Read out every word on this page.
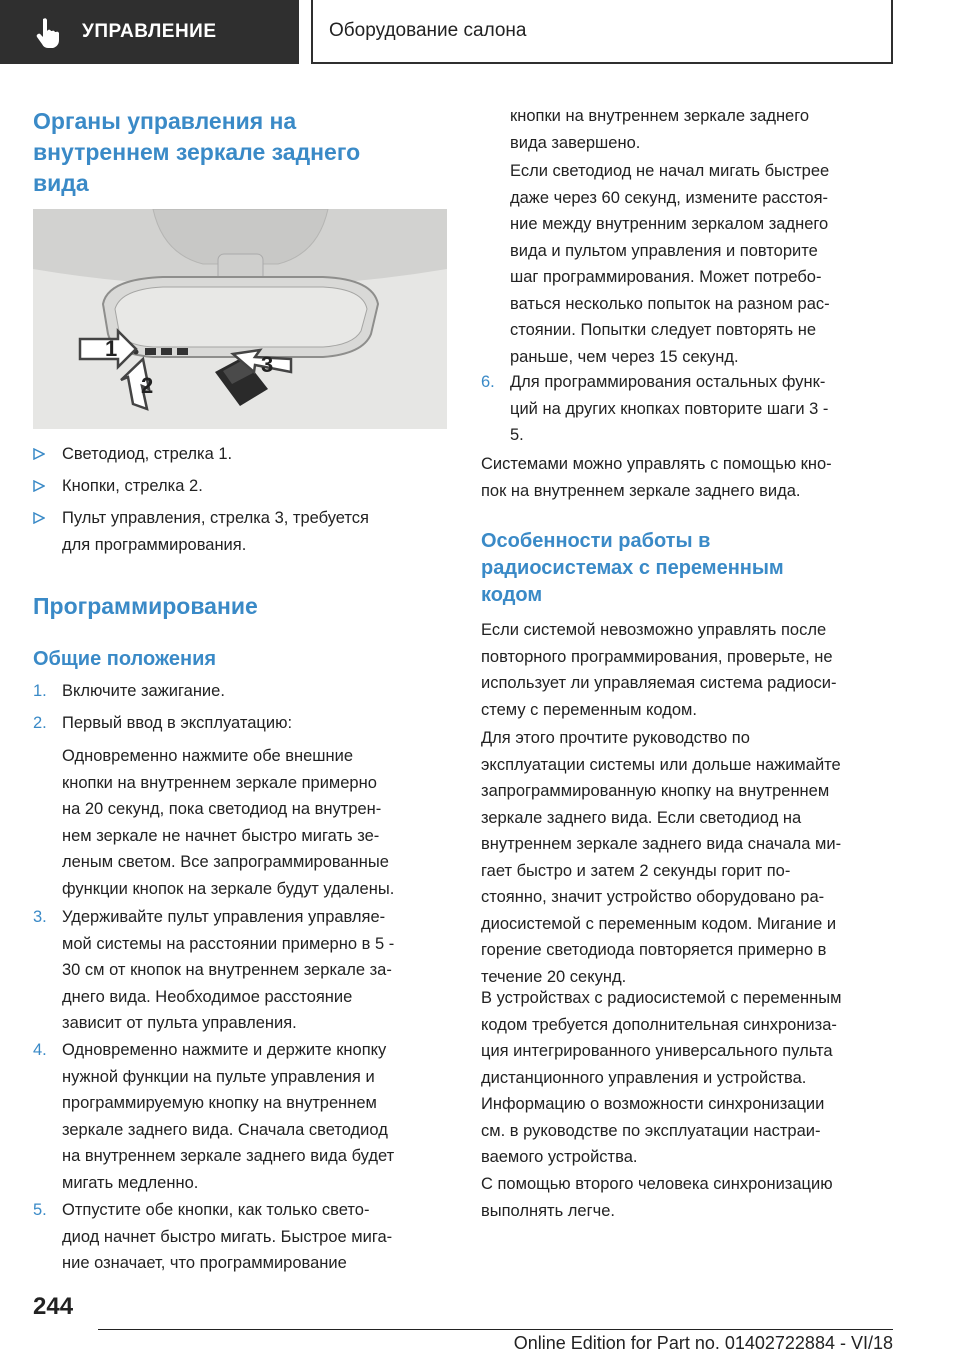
УПРАВЛЕНИЕ	Оборудование салона
Органы управления на
внутреннем зеркале заднего
вида
1
2
3
Светодиод, стрелка 1.
Кнопки, стрелка 2.
Пульт управления, стрелка 3, требуется
для программирования.
Программирование
Общие положения
1. Включите зажигание.
2. Первый ввод в эксплуатацию:
Одновременно нажмите обе внешние
кнопки на внутреннем зеркале примерно
на 20 секунд, пока светодиод на внутрен-
нем зеркале не начнет быстро мигать зе-
леным светом. Все запрограммированные
функции кнопок на зеркале будут удалены.
3. Удерживайте пульт управления управляе-
мой системы на расстоянии примерно в 5 -
30 см от кнопок на внутреннем зеркале за-
днего вида. Необходимое расстояние
зависит от пульта управления.
4. Одновременно нажмите и держите кнопку
нужной функции на пульте управления и
программируемую кнопку на внутреннем
зеркале заднего вида. Сначала светодиод
на внутреннем зеркале заднего вида будет
мигать медленно.
5. Отпустите обе кнопки, как только свето-
диод начнет быстро мигать. Быстрое мига-
ние означает, что программирование
кнопки на внутреннем зеркале заднего
вида завершено.
Если светодиод не начал мигать быстрее
даже через 60 секунд, измените расстоя-
ние между внутренним зеркалом заднего
вида и пультом управления и повторите
шаг программирования. Может потребо-
ваться несколько попыток на разном рас-
стоянии. Попытки следует повторять не
раньше, чем через 15 секунд.
6. Для программирования остальных функ-
ций на других кнопках повторите шаги 3 -
5.
Системами можно управлять с помощью кно-
пок на внутреннем зеркале заднего вида.
Особенности работы в
радиосистемах с переменным
кодом
Если системой невозможно управлять после
повторного программирования, проверьте, не
использует ли управляемая система радиоси-
стему с переменным кодом.
Для этого прочтите руководство по
эксплуатации системы или дольше нажимайте
запрограммированную кнопку на внутреннем
зеркале заднего вида. Если светодиод на
внутреннем зеркале заднего вида сначала ми-
гает быстро и затем 2 секунды горит по-
стоянно, значит устройство оборудовано ра-
диосистемой с переменным кодом. Мигание и
горение светодиода повторяется примерно в
течение 20 секунд.
В устройствах с радиосистемой с переменным
кодом требуется дополнительная синхрониза-
ция интегрированного универсального пульта
дистанционного управления и устройства.
Информацию о возможности синхронизации
см. в руководстве по эксплуатации настраи-
ваемого устройства.
С помощью второго человека синхронизацию
выполнять легче.
244
Online Edition for Part no. 01402722884 - VI/18
